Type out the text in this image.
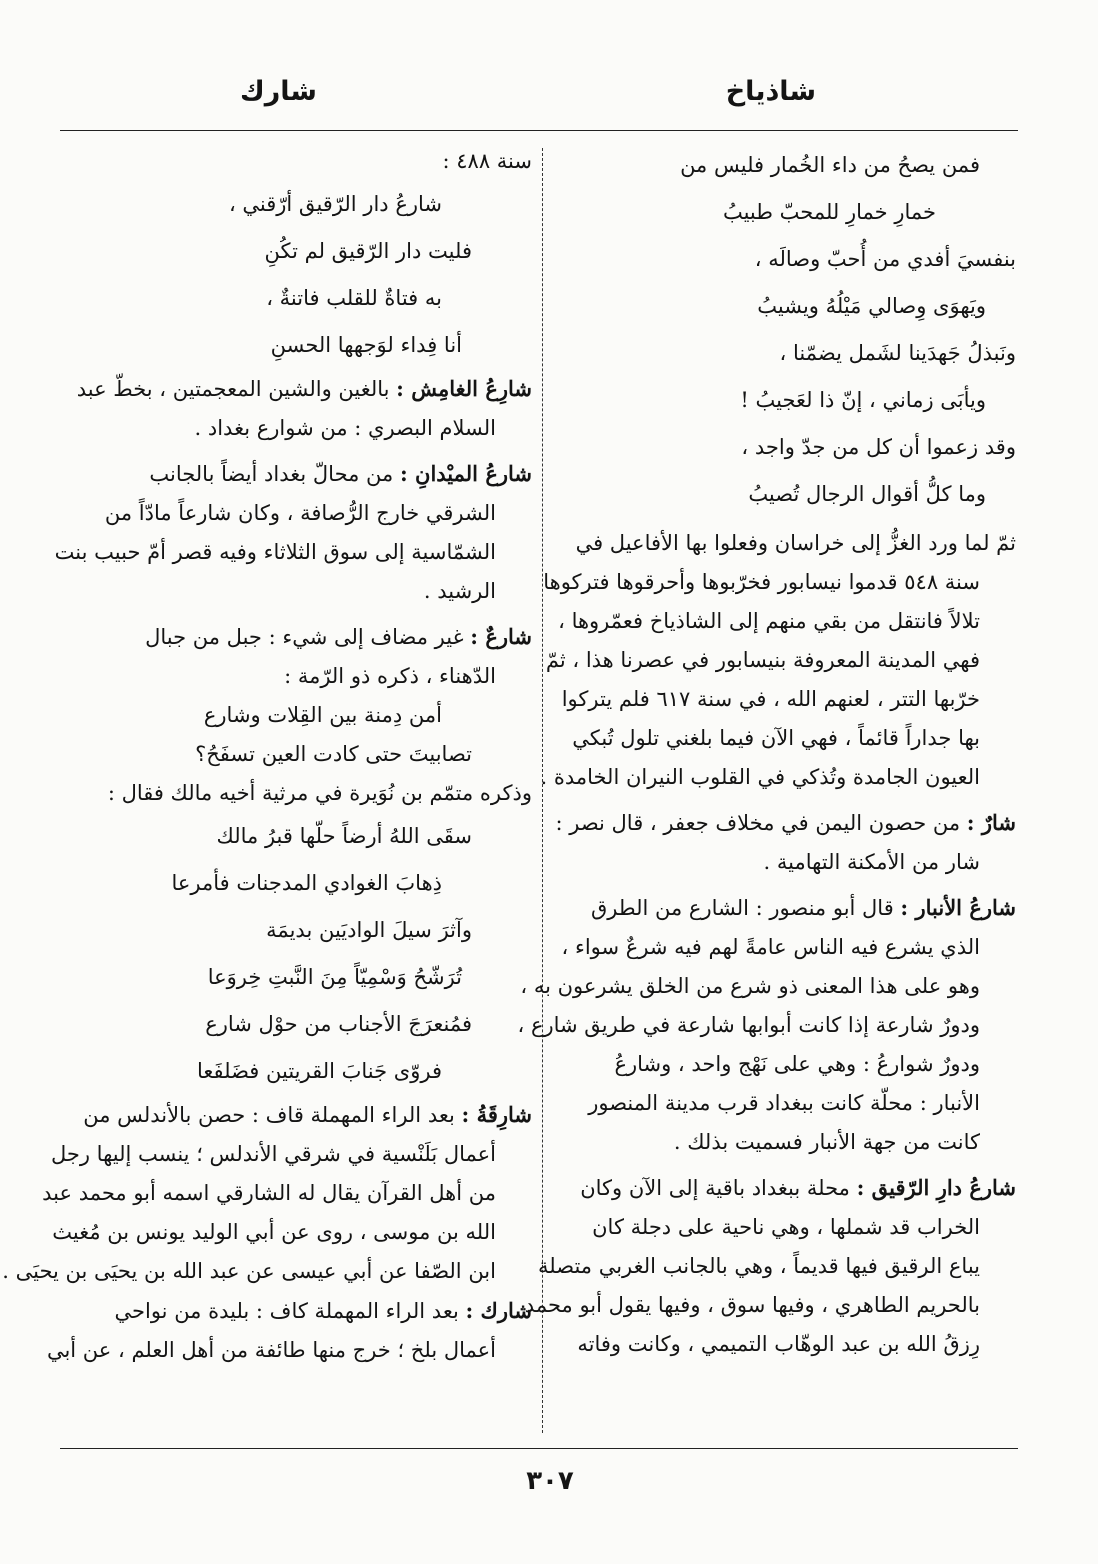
شاذياخ
شارك
فمن يصحُ من داء الخُمار فليس من
خمارِ خمارِ للمحبّ طبيبُ
بنفسيَ أفدي من أُحبّ وصالَه ،
ويَهوَى وِصالي مَيْلُهُ ويشيبُ
ونَبذلُ جَهدَينا لشَمل يضمّنا ،
ويأبَى زماني ، إنّ ذا لعَجيبُ !
وقد زعموا أن كل من جدّ واجد ،
وما كلُّ أقوال الرجال تُصيبُ
ثمّ لما ورد الغزُّ إلى خراسان وفعلوا بها الأفاعيل في
سنة ٥٤٨ قدموا نيسابور فخرّبوها وأحرقوها فتركوها
تلالاً فانتقل من بقي منهم إلى الشاذياخ فعمّروها ،
فهي المدينة المعروفة بنيسابور في عصرنا هذا ، ثمّ
خرّبها التتر ، لعنهم الله ، في سنة ٦١٧ فلم يتركوا
بها جداراً قائماً ، فهي الآن فيما بلغني تلول تُبكي
العيون الجامدة وتُذكي في القلوب النيران الخامدة .
شارٌ : من حصون اليمن في مخلاف جعفر ، قال نصر :
شار من الأمكنة التهامية .
شارعُ الأنبار : قال أبو منصور : الشارع من الطرق
الذي يشرع فيه الناس عامةً لهم فيه شرعٌ سواء ،
وهو على هذا المعنى ذو شرع من الخلق يشرعون به ،
ودورٌ شارعة إذا كانت أبوابها شارعة في طريق شارع ،
ودورٌ شوارعُ : وهي على نَهْج واحد ، وشارعُ
الأنبار : محلّة كانت ببغداد قرب مدينة المنصور
كانت من جهة الأنبار فسميت بذلك .
شارعُ دارِ الرّقيق : محلة ببغداد باقية إلى الآن وكان
الخراب قد شملها ، وهي ناحية على دجلة كان
يباع الرقيق فيها قديماً ، وهي بالجانب الغربي متصلة
بالحريم الطاهري ، وفيها سوق ، وفيها يقول أبو محمد
رِزقُ الله بن عبد الوهّاب التميمي ، وكانت وفاته
سنة ٤٨٨ :
شارعُ دار الرّقيق أرّقني ،
فليت دار الرّقيق لم تكُنِ
به فتاةٌ للقلب فاتنةٌ ،
أنا فِداء لوَجهها الحسنِ
شارِعُ الغامِش : بالغين والشين المعجمتين ، بخطّ عبد
السلام البصري : من شوارع بغداد .
شارعُ الميْدانِ : من محالّ بغداد أيضاً بالجانب
الشرقي خارج الرُّصافة ، وكان شارعاً مادّاً من
الشمّاسية إلى سوق الثلاثاء وفيه قصر أمّ حبيب بنت
الرشيد .
شارعٌ : غير مضاف إلى شيء : جبل من جبال
الدّهناء ، ذكره ذو الرّمة :
أمن دِمنة بين القِلات وشارع
تصابيتَ حتى كادت العين تسفَحُ؟
وذكره متمّم بن نُوَيرة في مرثية أخيه مالك فقال :
سقَى اللهُ أرضاً حلّها قبرُ مالك
ذِهابَ الغوادي المدجنات فأمرعا
وآثرَ سيلَ الواديَين بديمَة
تُرَشّحُ وَسْمِيّاً مِنَ النَّبتِ خِروَعا
فمُنعرَجَ الأجناب من حوْل شارع
فروّى جَنابَ القريتين فضَلفَعا
شارِقَةُ : بعد الراء المهملة قاف : حصن بالأندلس من
أعمال بَلَنْسية في شرقي الأندلس ؛ ينسب إليها رجل
من أهل القرآن يقال له الشارقي اسمه أبو محمد عبد
الله بن موسى ، روى عن أبي الوليد يونس بن مُغيث
ابن الصّفا عن أبي عيسى عن عبد الله بن يحيَى بن يحيَى .
شارك : بعد الراء المهملة كاف : بليدة من نواحي
أعمال بلخ ؛ خرج منها طائفة من أهل العلم ، عن أبي
٣٠٧
